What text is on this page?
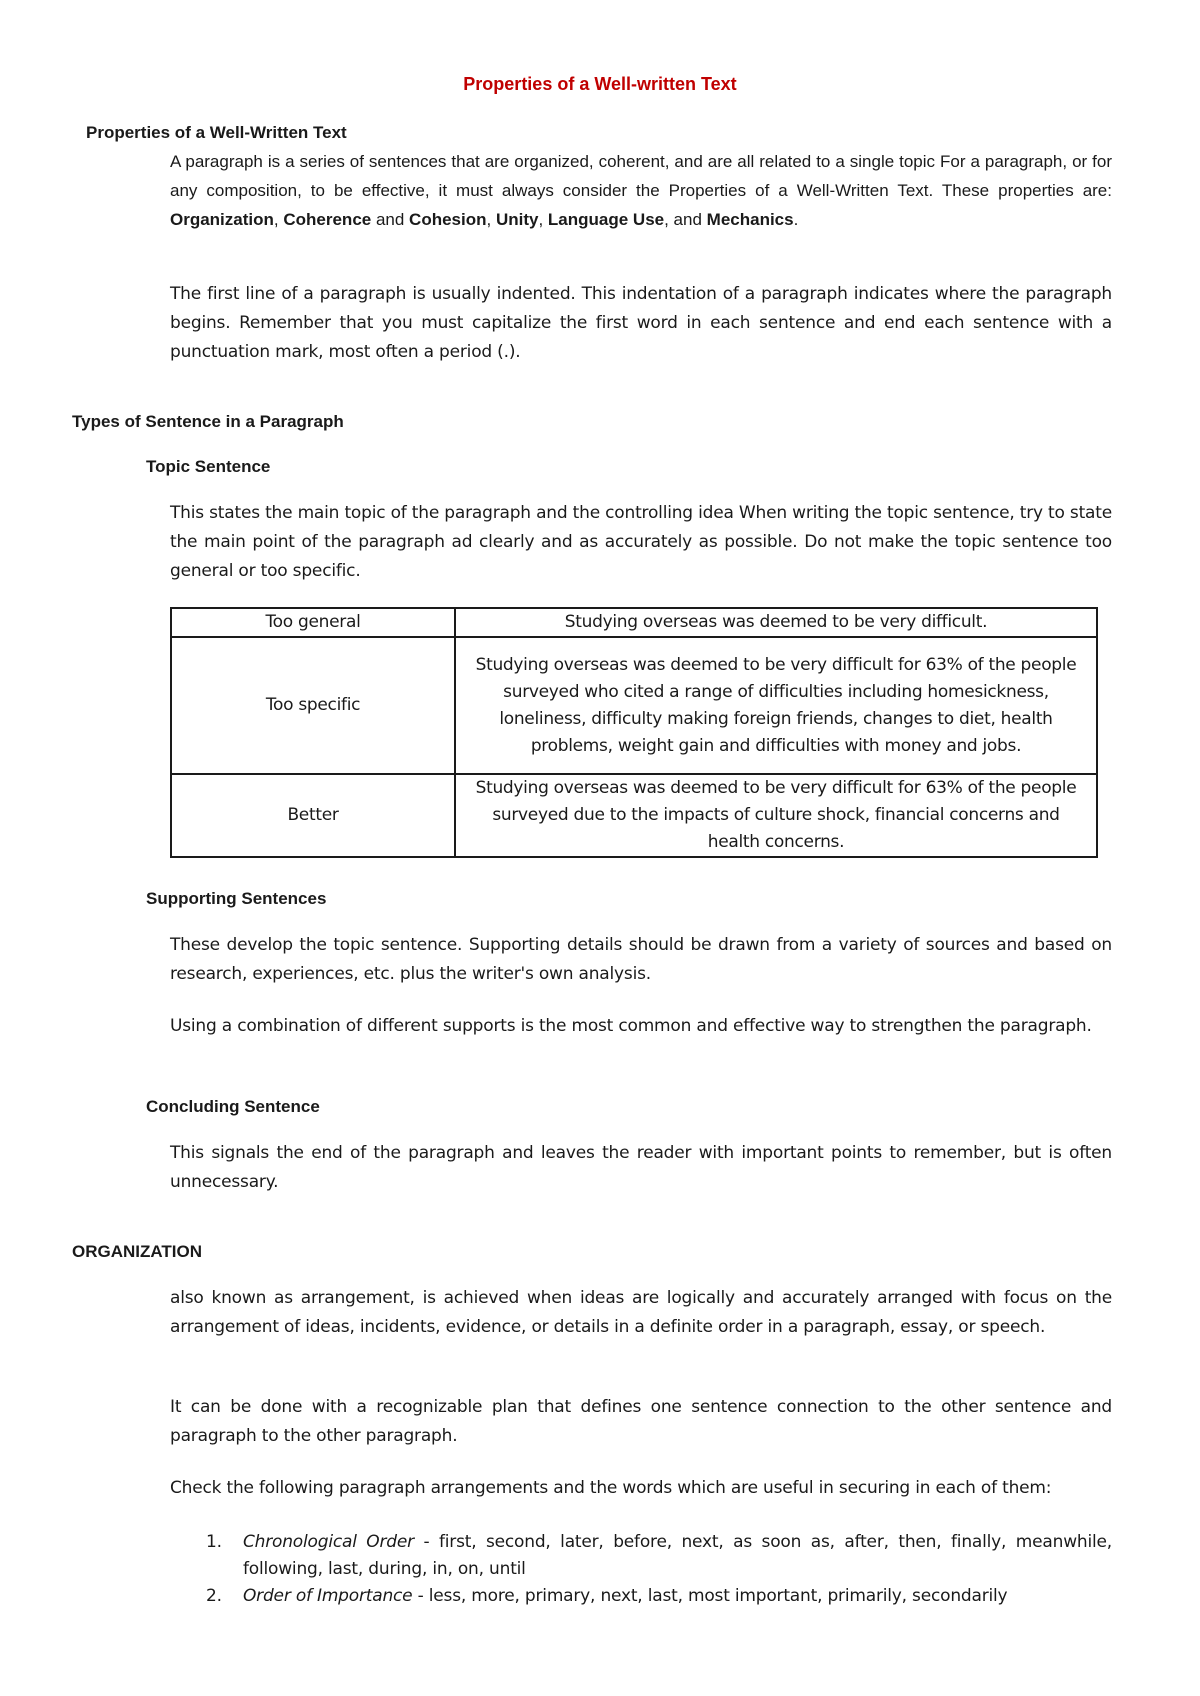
Properties of a Well-written Text
Properties of a Well-Written Text
A paragraph is a series of sentences that are organized, coherent, and are all related to a single topic For a paragraph, or for any composition, to be effective, it must always consider the Properties of a Well-Written Text. These properties are: Organization, Coherence and Cohesion, Unity, Language Use, and Mechanics.
The first line of a paragraph is usually indented. This indentation of a paragraph indicates where the paragraph begins. Remember that you must capitalize the first word in each sentence and end each sentence with a punctuation mark, most often a period (.).
Types of Sentence in a Paragraph
Topic Sentence
This states the main topic of the paragraph and the controlling idea When writing the topic sentence, try to state the main point of the paragraph ad clearly and as accurately as possible. Do not make the topic sentence too general or too specific.
Too general	Studying overseas was deemed to be very difficult.
Too specific	Studying overseas was deemed to be very difficult for 63% of the people surveyed who cited a range of difficulties including homesickness, loneliness, difficulty making foreign friends, changes to diet, health problems, weight gain and difficulties with money and jobs.
Better	Studying overseas was deemed to be very difficult for 63% of the people surveyed due to the impacts of culture shock, financial concerns and health concerns.
Supporting Sentences
These develop the topic sentence. Supporting details should be drawn from a variety of sources and based on research, experiences, etc. plus the writer's own analysis.
Using a combination of different supports is the most common and effective way to strengthen the paragraph.
Concluding Sentence
This signals the end of the paragraph and leaves the reader with important points to remember, but is often unnecessary.
ORGANIZATION
also known as arrangement, is achieved when ideas are logically and accurately arranged with focus on the arrangement of ideas, incidents, evidence, or details in a definite order in a paragraph, essay, or speech.
It can be done with a recognizable plan that defines one sentence connection to the other sentence and paragraph to the other paragraph.
Check the following paragraph arrangements and the words which are useful in securing in each of them:
1. Chronological Order - first, second, later, before, next, as soon as, after, then, finally, meanwhile, following, last, during, in, on, until
2. Order of Importance - less, more, primary, next, last, most important, primarily, secondarily
